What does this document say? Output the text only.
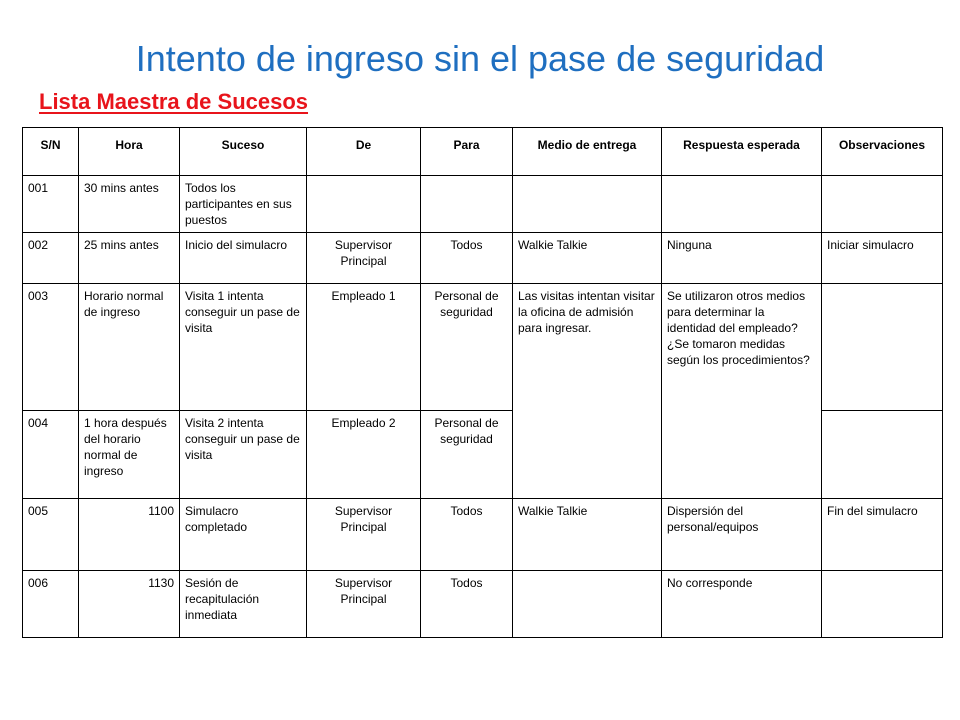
Intento de ingreso sin el pase de seguridad
Lista Maestra de Sucesos
S/N	Hora	Suceso	De	Para	Medio de entrega	Respuesta esperada	Observaciones
001	30 mins antes	Todos los participantes en sus puestos					
002	25 mins antes	Inicio del simulacro	Supervisor Principal	Todos	Walkie Talkie	Ninguna	Iniciar simulacro
003	Horario normal de ingreso	Visita 1 intenta conseguir un pase de visita	Empleado 1	Personal de seguridad	Las visitas intentan visitar la oficina de admisión para ingresar.	Se utilizaron otros medios para determinar la identidad del empleado? ¿Se tomaron medidas según los procedimientos?	
004	1 hora después del horario normal de ingreso	Visita 2 intenta conseguir un pase de visita	Empleado 2	Personal de seguridad			
005	1100	Simulacro completado	Supervisor Principal	Todos	Walkie Talkie	Dispersión del personal/equipos	Fin del simulacro
006	1130	Sesión de recapitulación inmediata	Supervisor Principal	Todos		No corresponde	
